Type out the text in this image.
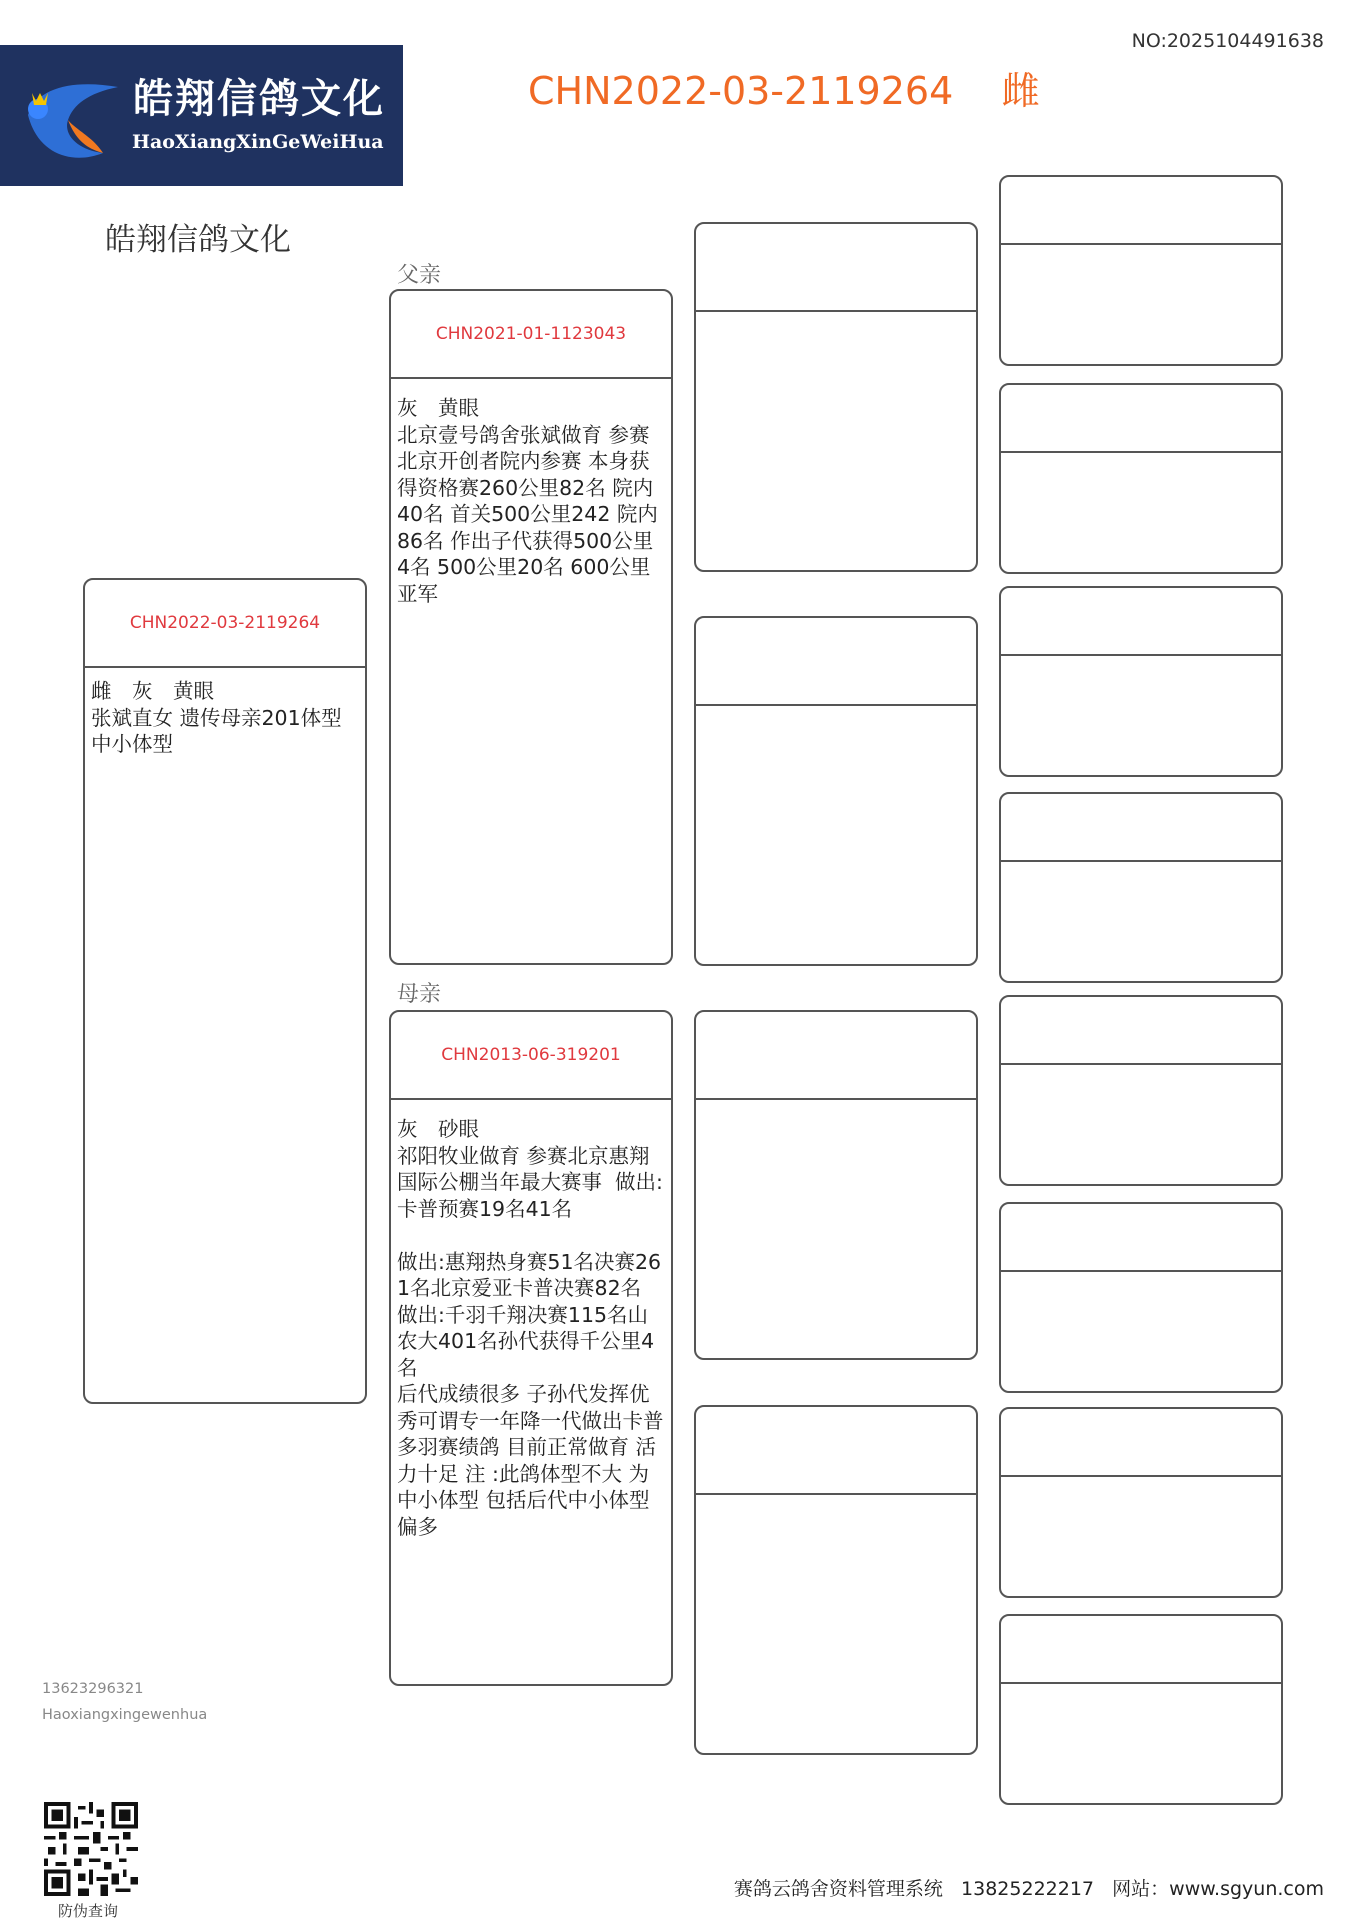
皓翔信鸽文化
HaoXiangXinGeWeiHua
NO:2025104491638
CHN2022-03-2119264 雌
皓翔信鸽文化
CHN2022-03-2119264
雌　灰　黄眼
张斌直女 遗传母亲201体型 中小体型
父亲
CHN2021-01-1123043
灰　黄眼
北京壹号鸽舍张斌做育 参赛北京开创者院内参赛 本身获得资格赛260公里82名 院内40名 首关500公里242 院内86名 作出子代获得500公里4名 500公里20名 600公里亚军
母亲
CHN2013-06-319201
灰　砂眼
祁阳牧业做育 参赛北京惠翔国际公棚当年最大赛事  做出:卡普预赛19名41名

做出:惠翔热身赛51名决赛261名北京爱亚卡普决赛82名
做出:千羽千翔决赛115名山农大401名孙代获得千公里4名
后代成绩很多 子孙代发挥优秀可谓专一年降一代做出卡普多羽赛绩鸽 目前正常做育 活力十足 注 :此鸽体型不大 为中小体型 包括后代中小体型偏多
13623296321
Haoxiangxingewenhua
防伪查询
赛鸽云鸽舍资料管理系统 13825222217 网站：www.sgyun.com
